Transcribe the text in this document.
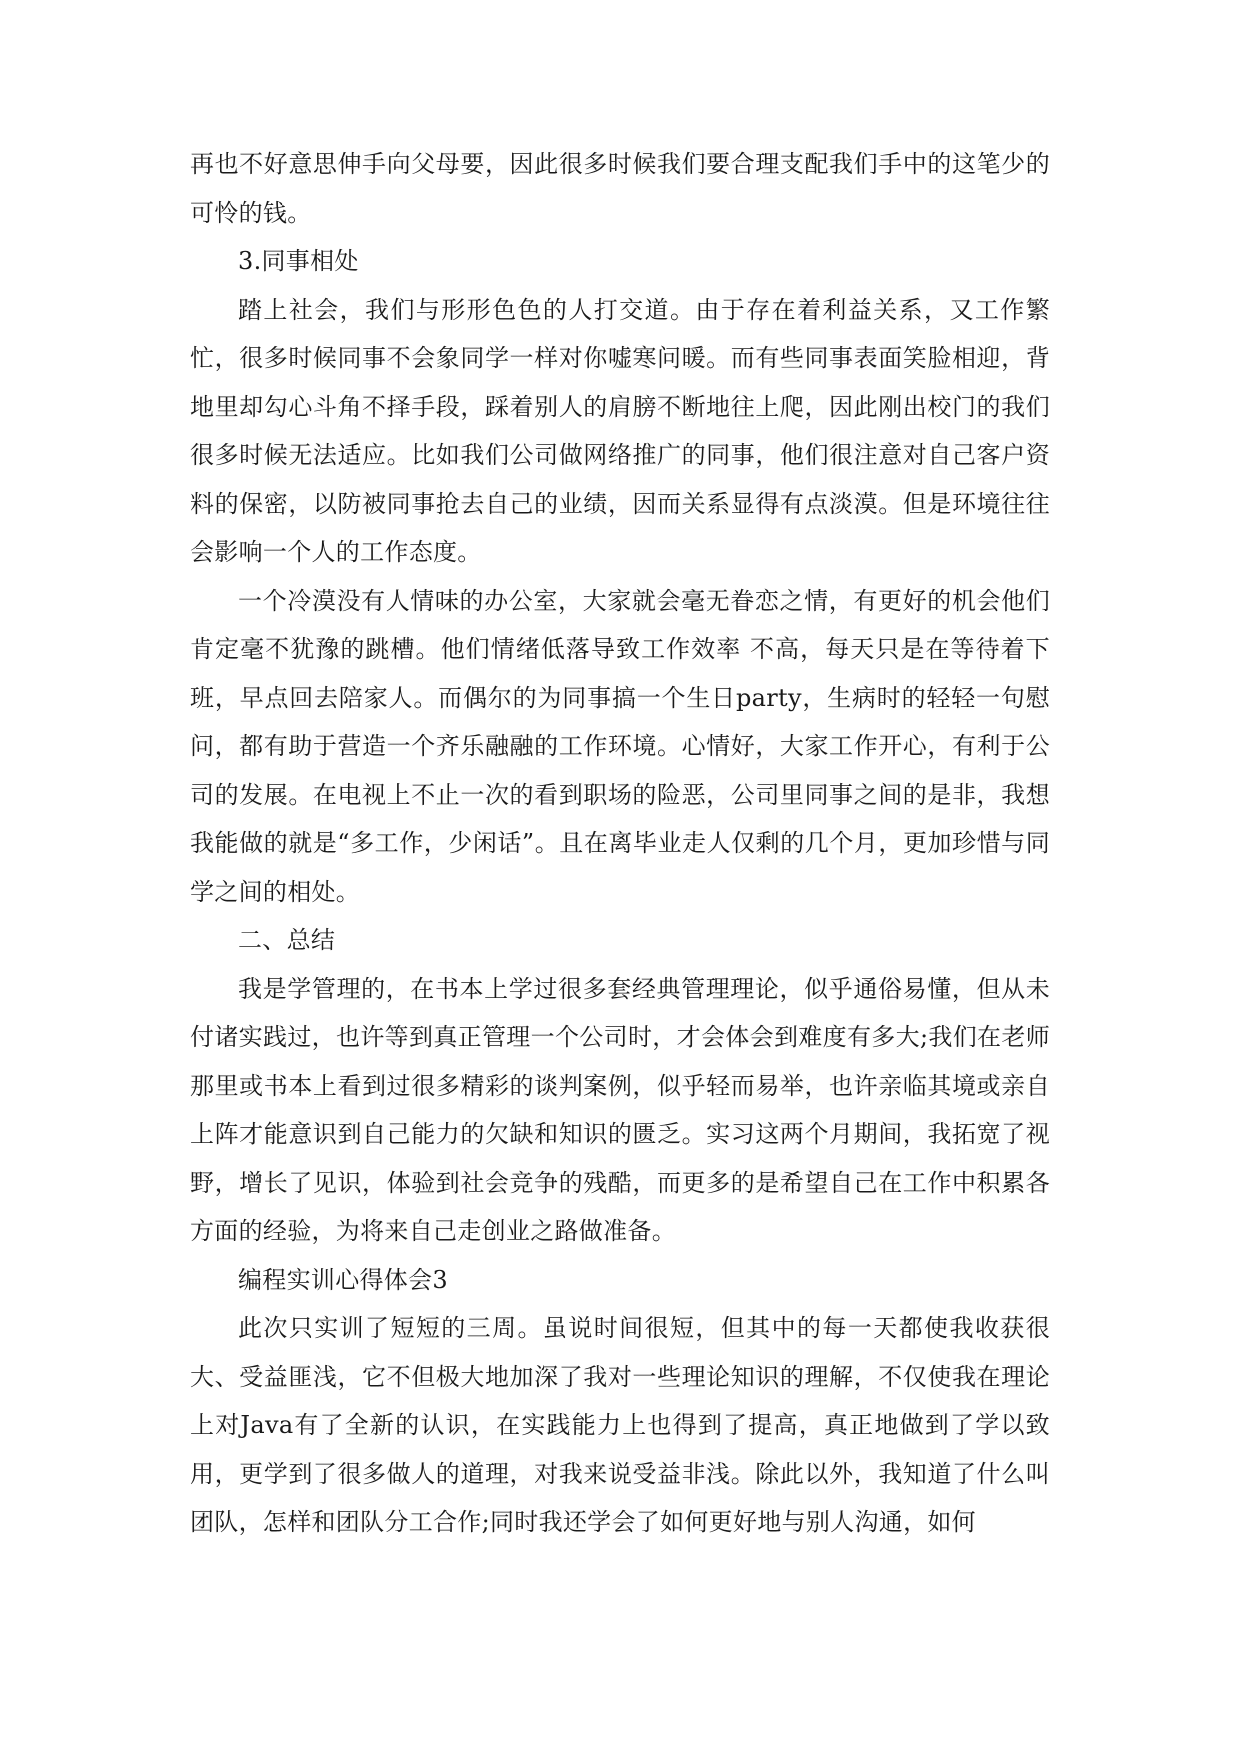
再也不好意思伸手向父母要，因此很多时候我们要合理支配我们手中的这笔少的可怜的钱。

3.同事相处

踏上社会，我们与形形色色的人打交道。由于存在着利益关系，又工作繁忙，很多时候同事不会象同学一样对你嘘寒问暖。而有些同事表面笑脸相迎，背地里却勾心斗角不择手段，踩着别人的肩膀不断地往上爬，因此刚出校门的我们很多时候无法适应。比如我们公司做网络推广的同事，他们很注意对自己客户资料的保密，以防被同事抢去自己的业绩，因而关系显得有点淡漠。但是环境往往会影响一个人的工作态度。

一个冷漠没有人情味的办公室，大家就会毫无眷恋之情，有更好的机会他们肯定毫不犹豫的跳槽。他们情绪低落导致工作效率 不高，每天只是在等待着下班，早点回去陪家人。而偶尔的为同事搞一个生日party，生病时的轻轻一句慰问，都有助于营造一个齐乐融融的工作环境。心情好，大家工作开心，有利于公司的发展。在电视上不止一次的看到职场的险恶，公司里同事之间的是非，我想我能做的就是“多工作，少闲话”。且在离毕业走人仅剩的几个月，更加珍惜与同学之间的相处。

二、总结

我是学管理的，在书本上学过很多套经典管理理论，似乎通俗易懂，但从未付诸实践过，也许等到真正管理一个公司时，才会体会到难度有多大;我们在老师那里或书本上看到过很多精彩的谈判案例，似乎轻而易举，也许亲临其境或亲自上阵才能意识到自己能力的欠缺和知识的匮乏。实习这两个月期间，我拓宽了视野，增长了见识，体验到社会竞争的残酷，而更多的是希望自己在工作中积累各方面的经验，为将来自己走创业之路做准备。

编程实训心得体会3

此次只实训了短短的三周。虽说时间很短，但其中的每一天都使我收获很大、受益匪浅，它不但极大地加深了我对一些理论知识的理解，不仅使我在理论上对Java有了全新的认识，在实践能力上也得到了提高，真正地做到了学以致用，更学到了很多做人的道理，对我来说受益非浅。除此以外，我知道了什么叫团队，怎样和团队分工合作;同时我还学会了如何更好地与别人沟通，如何
